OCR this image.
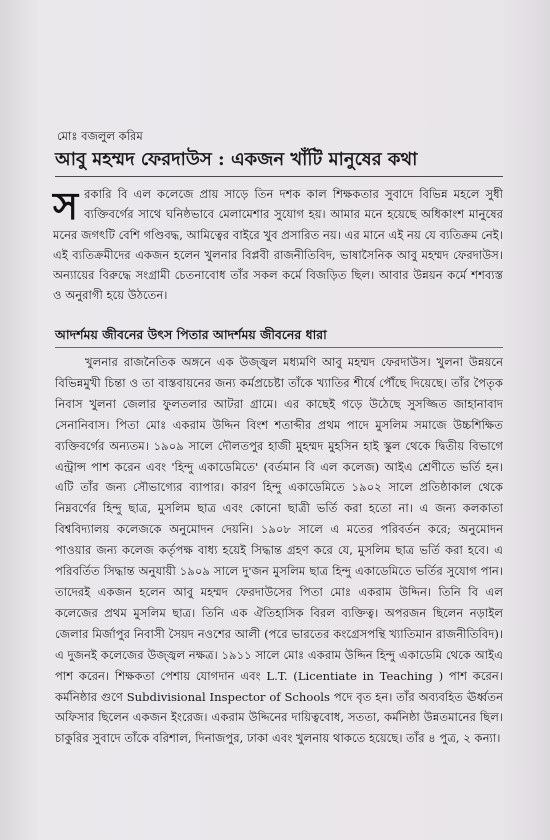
মোঃ বজলুল করিম
আবু মহম্মদ ফেরদাউস : একজন খাঁটি মানুষের কথা
সরকারি বি এল কলেজে প্রায় সাড়ে তিন দশক কাল শিক্ষকতার সুবাদে বিভিন্ন মহলে সুধী ব্যক্তিবর্গের সাথে ঘনিষ্ঠভাবে মেলামেশার সুযোগ হয়। আমার মনে হয়েছে অধিকাংশ মানুষের মনের জগৎটি বেশি গণ্ডিবদ্ধ, আমিত্বের বাইরে খুব প্রসারিত নয়। এর মানে এই নয় যে ব্যতিক্রম নেই। এই ব্যতিক্রমীদের একজন হলেন খুলনার বিপ্লবী রাজনীতিবিদ, ভাষাসৈনিক আবু মহম্মদ ফেরদাউস। অন্যায়ের বিরুদ্ধে সংগ্রামী চেতনাবোধ তাঁর সকল কর্মে বিজড়িত ছিল। আবার উন্নয়ন কর্মে শশব্যস্ত ও অনুরাগী হয়ে উঠতেন।
আদর্শময় জীবনের উৎস পিতার আদর্শময় জীবনের ধারা

খুলনার রাজনৈতিক অঙ্গনে এক উজ্জ্বল মধ্যমণি আবু মহম্মদ ফেরদাউস। খুলনা উন্নয়নে বিভিন্নমুখী চিন্তা ও তা বাস্তবায়নের জন্য কর্মপ্রচেষ্টা তাঁকে খ্যাতির শীর্ষে পৌঁছে দিয়েছে। তাঁর পৈতৃক নিবাস খুলনা জেলার ফুলতলার আটরা গ্রামে। এর কাছেই গড়ে উঠেছে সুসজ্জিত জাহানাবাদ সেনানিবাস। পিতা মোঃ একরাম উদ্দিন বিংশ শতাব্দীর প্রথম পাদে মুসলিম সমাজে উচ্চশিক্ষিত ব্যক্তিবর্গের অন্যতম। ১৯০৯ সালে দৌলতপুর হাজী মুহম্মদ মুহসিন হাই স্কুল থেকে দ্বিতীয় বিভাগে এন্ট্রান্স পাশ করেন এবং 'হিন্দু একাডেমিতে' (বর্তমান বি এল কলেজ) আইএ শ্রেণীতে ভর্তি হন। এটি তাঁর জন্য সৌভাগ্যের ব্যাপার। কারণ হিন্দু একাডেমিতে ১৯০২ সালে প্রতিষ্ঠাকাল থেকে নিম্নবর্ণের হিন্দু ছাত্র, মুসলিম ছাত্র এবং কোনো ছাত্রী ভর্তি করা হতো না। এ জন্য কলকাতা বিশ্ববিদ্যালয় কলেজকে অনুমোদন দেয়নি। ১৯০৮ সালে এ মতের পরিবর্তন করে; অনুমোদন পাওয়ার জন্য কলেজ কর্তৃপক্ষ বাধ্য হয়েই সিদ্ধান্ত গ্রহণ করে যে, মুসলিম ছাত্র ভর্তি করা হবে। এ পরিবর্তিত সিদ্ধান্ত অনুযায়ী ১৯০৯ সালে দু'জন মুসলিম ছাত্র হিন্দু একাডেমিতে ভর্তির সুযোগ পান। তাদেরই একজন হলেন আবু মহম্মদ ফেরদাউসের পিতা মোঃ একরাম উদ্দিন। তিনি বি এল কলেজের প্রথম মুসলিম ছাত্র। তিনি এক ঐতিহাসিক বিরল ব্যক্তিত্ব। অপরজন ছিলেন নড়াইল জেলার মির্জাপুর নিবাসী সৈয়দ নওশের আলী (পরে ভারতের কংগ্রেসপন্থি খ্যাতিমান রাজনীতিবিদ)। এ দুজনই কলেজের উজ্জ্বল নক্ষত্র। ১৯১১ সালে মোঃ একরাম উদ্দিন হিন্দু একাডেমি থেকে আইএ পাশ করেন। শিক্ষকতা পেশায় যোগদান এবং L.T. (Licentiate in Teaching ) পাশ করেন। কর্মনিষ্ঠার গুণে Subdivisional Inspector of Schools পদে বৃত হন। তাঁর অব্যবহিত ঊর্ধ্বতন অফিসার ছিলেন একজন ইংরেজ। একরাম উদ্দিনের দায়িত্ববোধ, সততা, কর্মনিষ্ঠা উন্নতমানের ছিল। চাকুরির সুবাদে তাঁকে বরিশাল, দিনাজপুর, ঢাকা এবং খুলনায় থাকতে হয়েছে। তাঁর ৪ পুত্র, ২ কন্যা।
